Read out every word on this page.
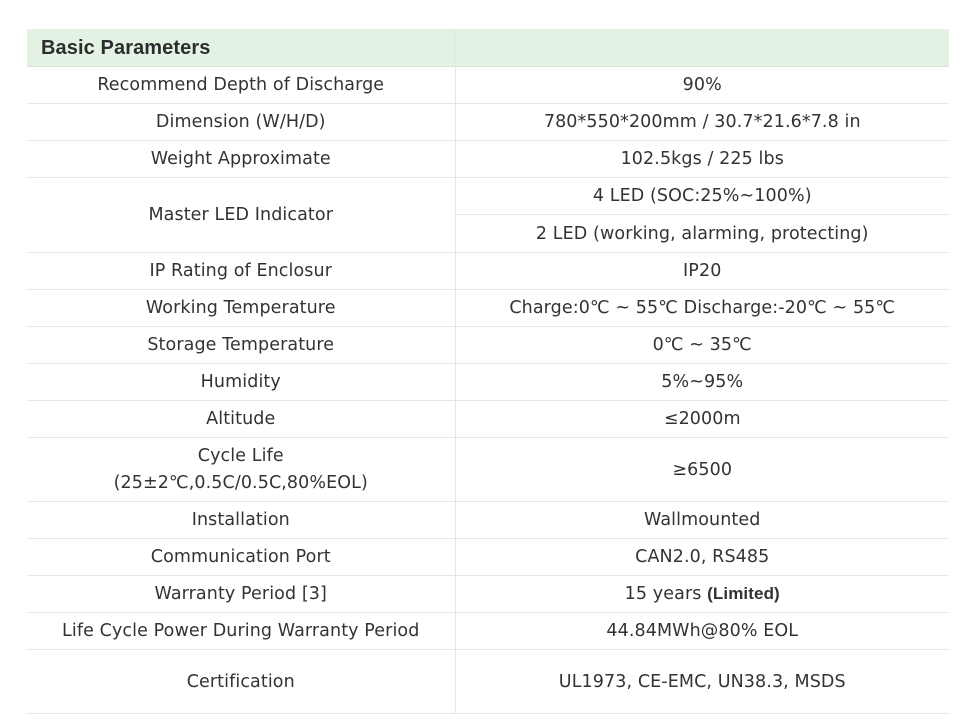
Basic Parameters	
Recommend Depth of Discharge	90%
Dimension (W/H/D)	780*550*200mm / 30.7*21.6*7.8 in
Weight Approximate	102.5kgs / 225 lbs
Master LED Indicator	4 LED (SOC:25%~100%)
	2 LED (working, alarming, protecting)
IP Rating of Enclosur	IP20
Working Temperature	Charge:0℃ ~ 55℃ Discharge:-20℃ ~ 55℃
Storage Temperature	0℃ ~ 35℃
Humidity	5%~95%
Altitude	≤2000m

Cycle Life
(25±2℃,0.5C/0.5C,80%EOL)	≥6500
Installation	Wallmounted
Communication Port	CAN2.0, RS485
Warranty Period [3]	15 years (Limited)
Life Cycle Power During Warranty Period	44.84MWh@80% EOL
Certification	UL1973, CE-EMC, UN38.3, MSDS
